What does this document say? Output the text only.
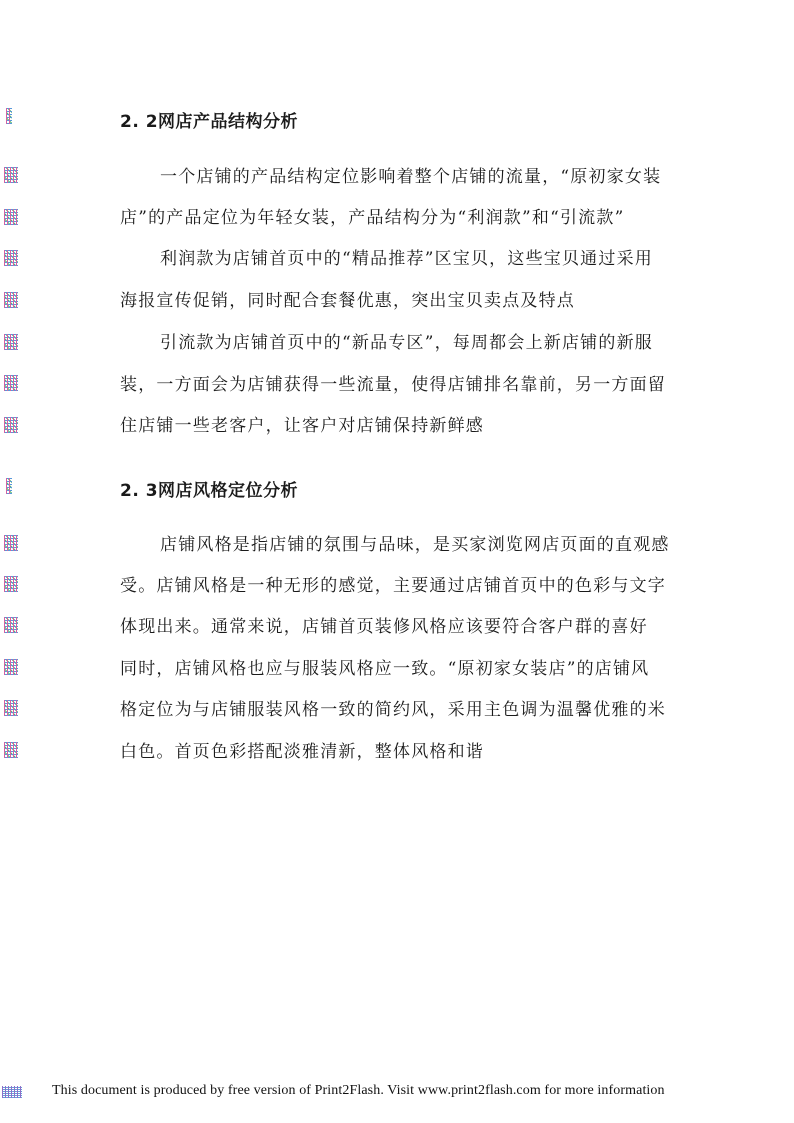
2. 2网店产品结构分析
一个店铺的产品结构定位影响着整个店铺的流量，“原初家女装
店”的产品定位为年轻女装，产品结构分为“利润款”和“引流款”
利润款为店铺首页中的“精品推荐”区宝贝，这些宝贝通过采用
海报宣传促销，同时配合套餐优惠，突出宝贝卖点及特点
引流款为店铺首页中的“新品专区”，每周都会上新店铺的新服
装，一方面会为店铺获得一些流量，使得店铺排名靠前，另一方面留
住店铺一些老客户，让客户对店铺保持新鲜感
2. 3网店风格定位分析
店铺风格是指店铺的氛围与品味，是买家浏览网店页面的直观感
受。店铺风格是一种无形的感觉，主要通过店铺首页中的色彩与文字
体现出来。通常来说，店铺首页装修风格应该要符合客户群的喜好
同时，店铺风格也应与服装风格应一致。“原初家女装店”的店铺风
格定位为与店铺服装风格一致的简约风，采用主色调为温馨优雅的米
白色。首页色彩搭配淡雅清新，整体风格和谐
This document is produced by free version of Print2Flash. Visit www.print2flash.com for more information
